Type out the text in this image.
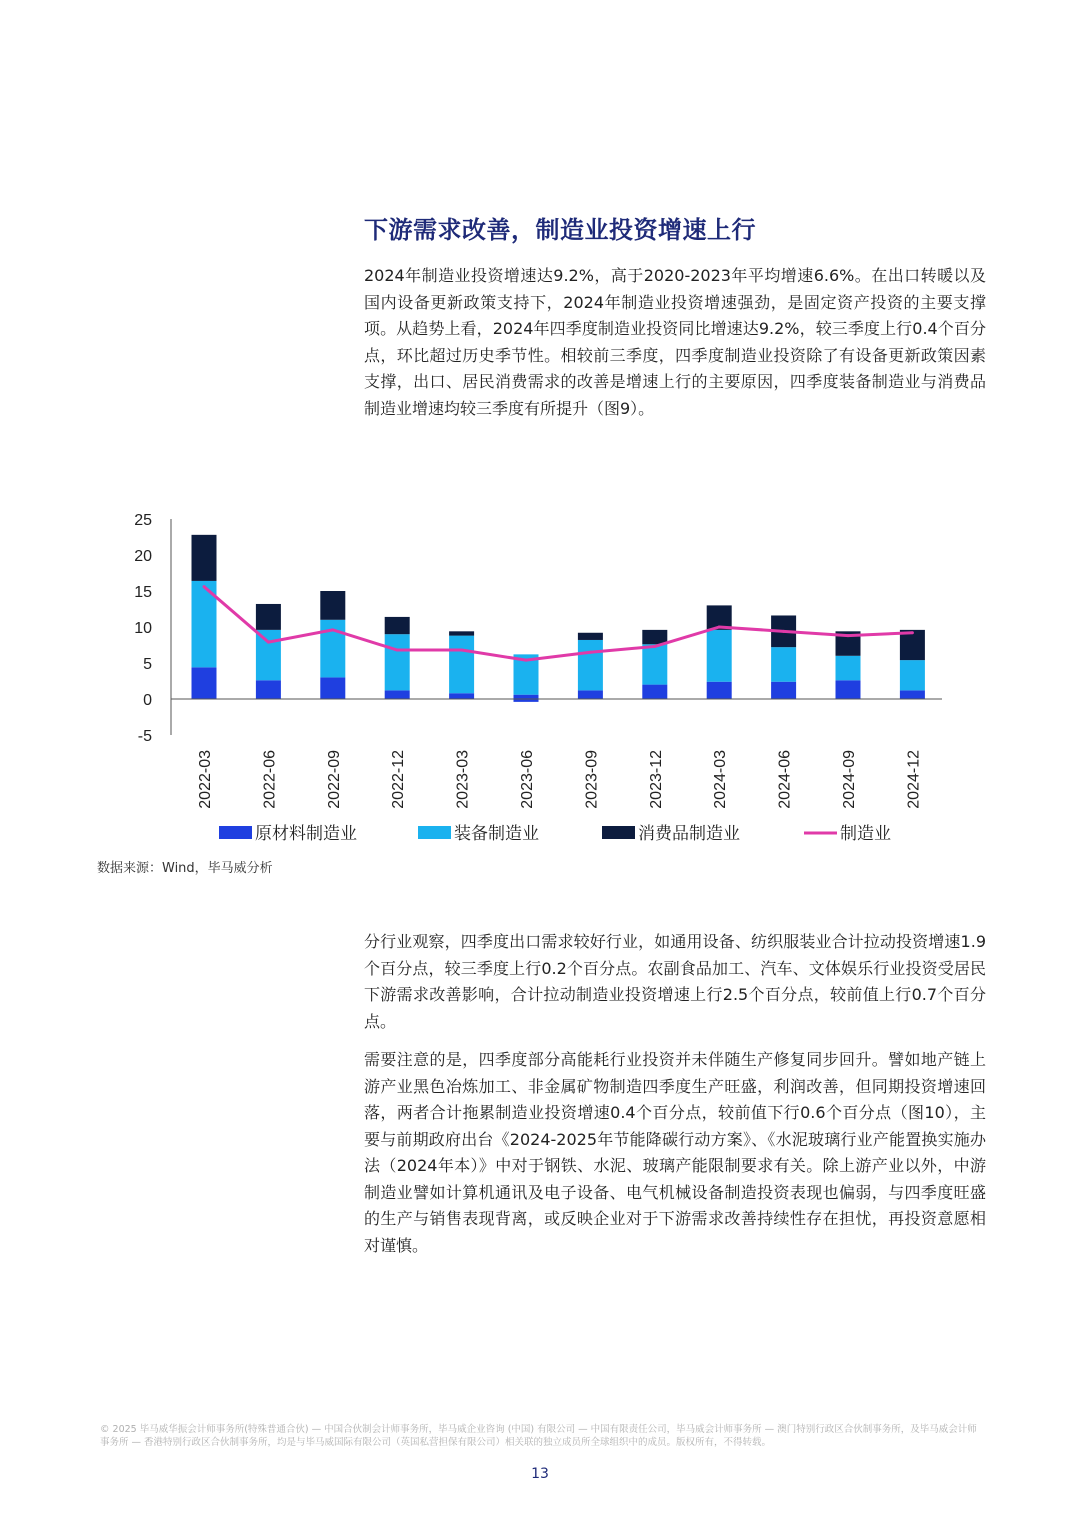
下游需求改善，制造业投资增速上行

2024年制造业投资增速达9.2%，高于2020-2023年平均增速6.6%。在出口转暖以及国内设备更新政策支持下，2024年制造业投资增速强劲，是固定资产投资的主要支撑项。从趋势上看，2024年四季度制造业投资同比增速达9.2%，较三季度上行0.4个百分点，环比超过历史季节性。相较前三季度，四季度制造业投资除了有设备更新政策因素支撑，出口、居民消费需求的改善是增速上行的主要原因，四季度装备制造业与消费品制造业增速均较三季度有所提升（图9）。

25
20
15
10
5
0
-5
2022-03	2022-06	2022-09	2022-12	2023-03	2023-06	2023-09	2023-12	2024-03	2024-06	2024-09	2024-12
原材料制造业	装备制造业	消费品制造业	制造业

数据来源：Wind，毕马威分析

分行业观察，四季度出口需求较好行业，如通用设备、纺织服装业合计拉动投资增速1.9个百分点，较三季度上行0.2个百分点。农副食品加工、汽车、文体娱乐行业投资受居民下游需求改善影响，合计拉动制造业投资增速上行2.5个百分点，较前值上行0.7个百分点。

需要注意的是，四季度部分高能耗行业投资并未伴随生产修复同步回升。譬如地产链上游产业黑色冶炼加工、非金属矿物制造四季度生产旺盛，利润改善，但同期投资增速回落，两者合计拖累制造业投资增速0.4个百分点，较前值下行0.6个百分点（图10），主要与前期政府出台《2024-2025年节能降碳行动方案》、《水泥玻璃行业产能置换实施办法（2024年本）》中对于钢铁、水泥、玻璃产能限制要求有关。除上游产业以外，中游制造业譬如计算机通讯及电子设备、电气机械设备制造投资表现也偏弱，与四季度旺盛的生产与销售表现背离，或反映企业对于下游需求改善持续性存在担忧，再投资意愿相对谨慎。

© 2025 毕马威华振会计师事务所(特殊普通合伙) — 中国合伙制会计师事务所，毕马威企业咨询 (中国) 有限公司 — 中国有限责任公司，毕马威会计师事务所 — 澳门特别行政区合伙制事务所，及毕马威会计师事务所 — 香港特别行政区合伙制事务所，均是与毕马威国际有限公司（英国私营担保有限公司）相关联的独立成员所全球组织中的成员。版权所有，不得转载。

13
